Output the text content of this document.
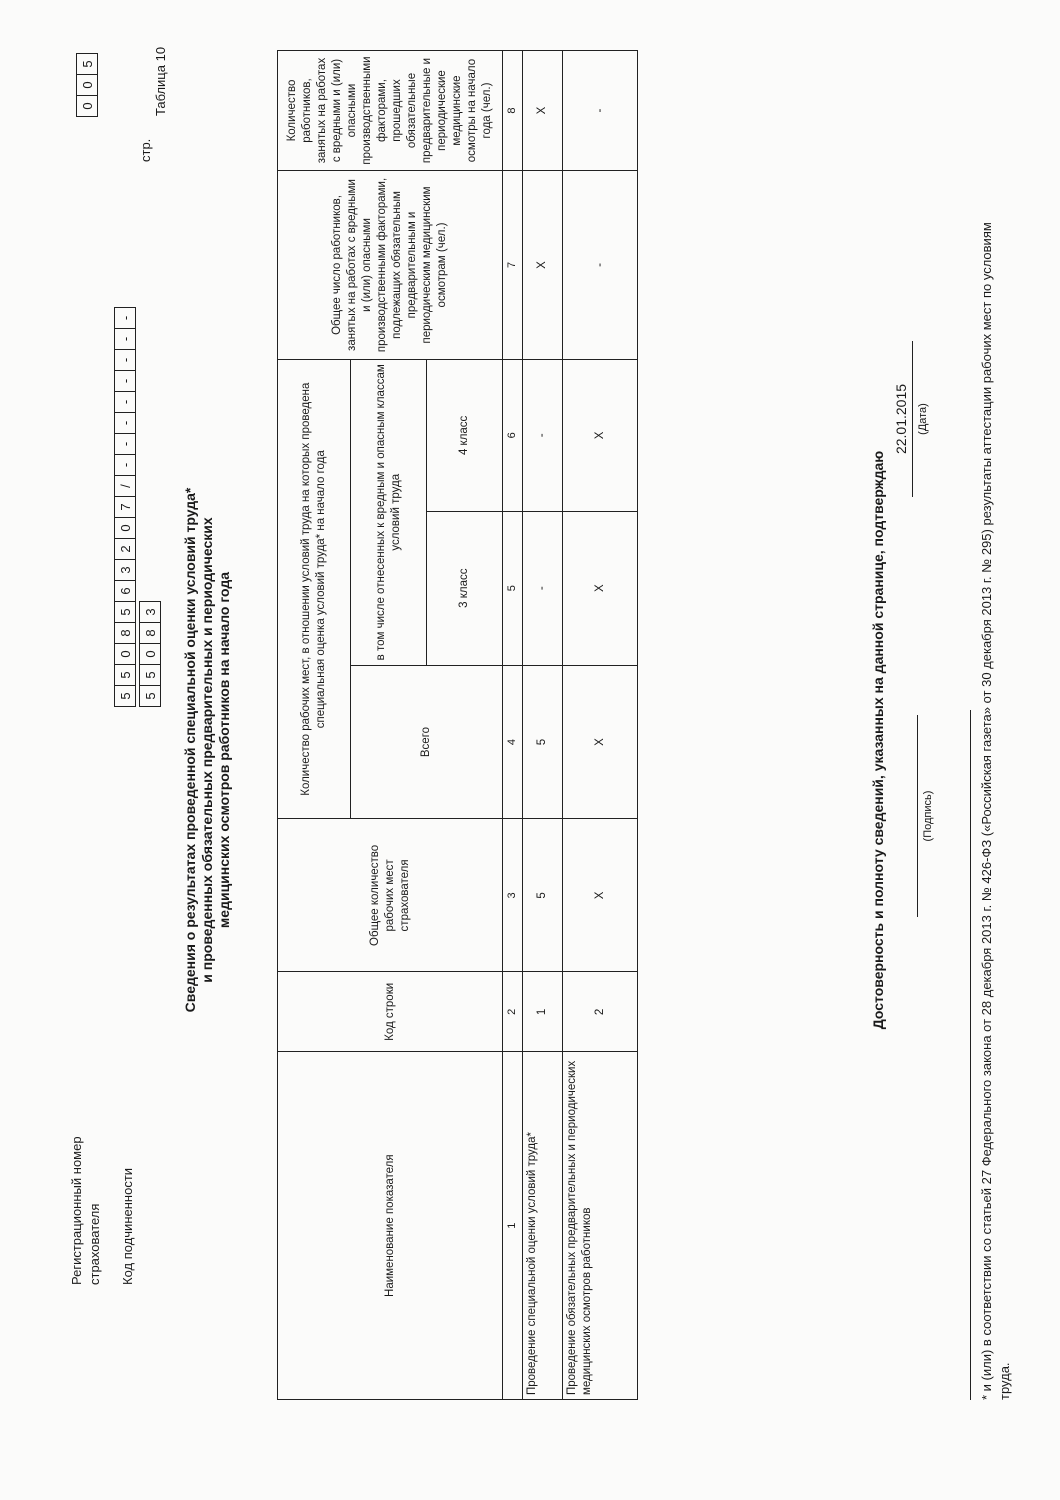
Регистрационный номер страхователя
5
5
0
8
5
6
3
2
0
7
/
-
-
-
-
-
-
-
-
Код подчиненности
5
5
0
8
3
стр.
0
0
5	Таблица 10
Сведения о результатах проведенной специальной оценки условий труда* и проведенных обязательных предварительных и периодических медицинских осмотров работников на начало года
Наименование показателя	Код строки	Общее количество рабочих мест страхователя	Количество рабочих мест, в отношении условий труда на которых проведена специальная оценка условий труда* на начало года			Общее число работников, занятых на работах с вредными и (или) опасными производственными факторами, подлежащих обязательным предварительным и периодическим медицинским осмотрам (чел.)	Количество работников, занятых на работах с вредными и (или) опасными производственными факторами, прошедших обязательные предварительные и периодические медицинские осмотры на начало года (чел.)
			Всего	в том числе отнесенных к вредным и опасным классам условий труда			
				3 класс	4 класс		
1	2	3	4	5	6	7	8
Проведение специальной оценки условий труда*	1	5	5	-	-	X	X
Проведение обязательных предварительных и периодических медицинских осмотров работников	2	X	X	X	X	-	-
Достоверность и полноту сведений, указанных на данной странице, подтверждаю	(Подпись)
22.01.2015 (Дата)	* и (или) в соответствии со статьей 27 Федерального закона от 28 декабря 2013 г. № 426-ФЗ («Российская газета» от 30 декабря 2013 г. № 295) результаты аттестации рабочих мест по условиям труда.
